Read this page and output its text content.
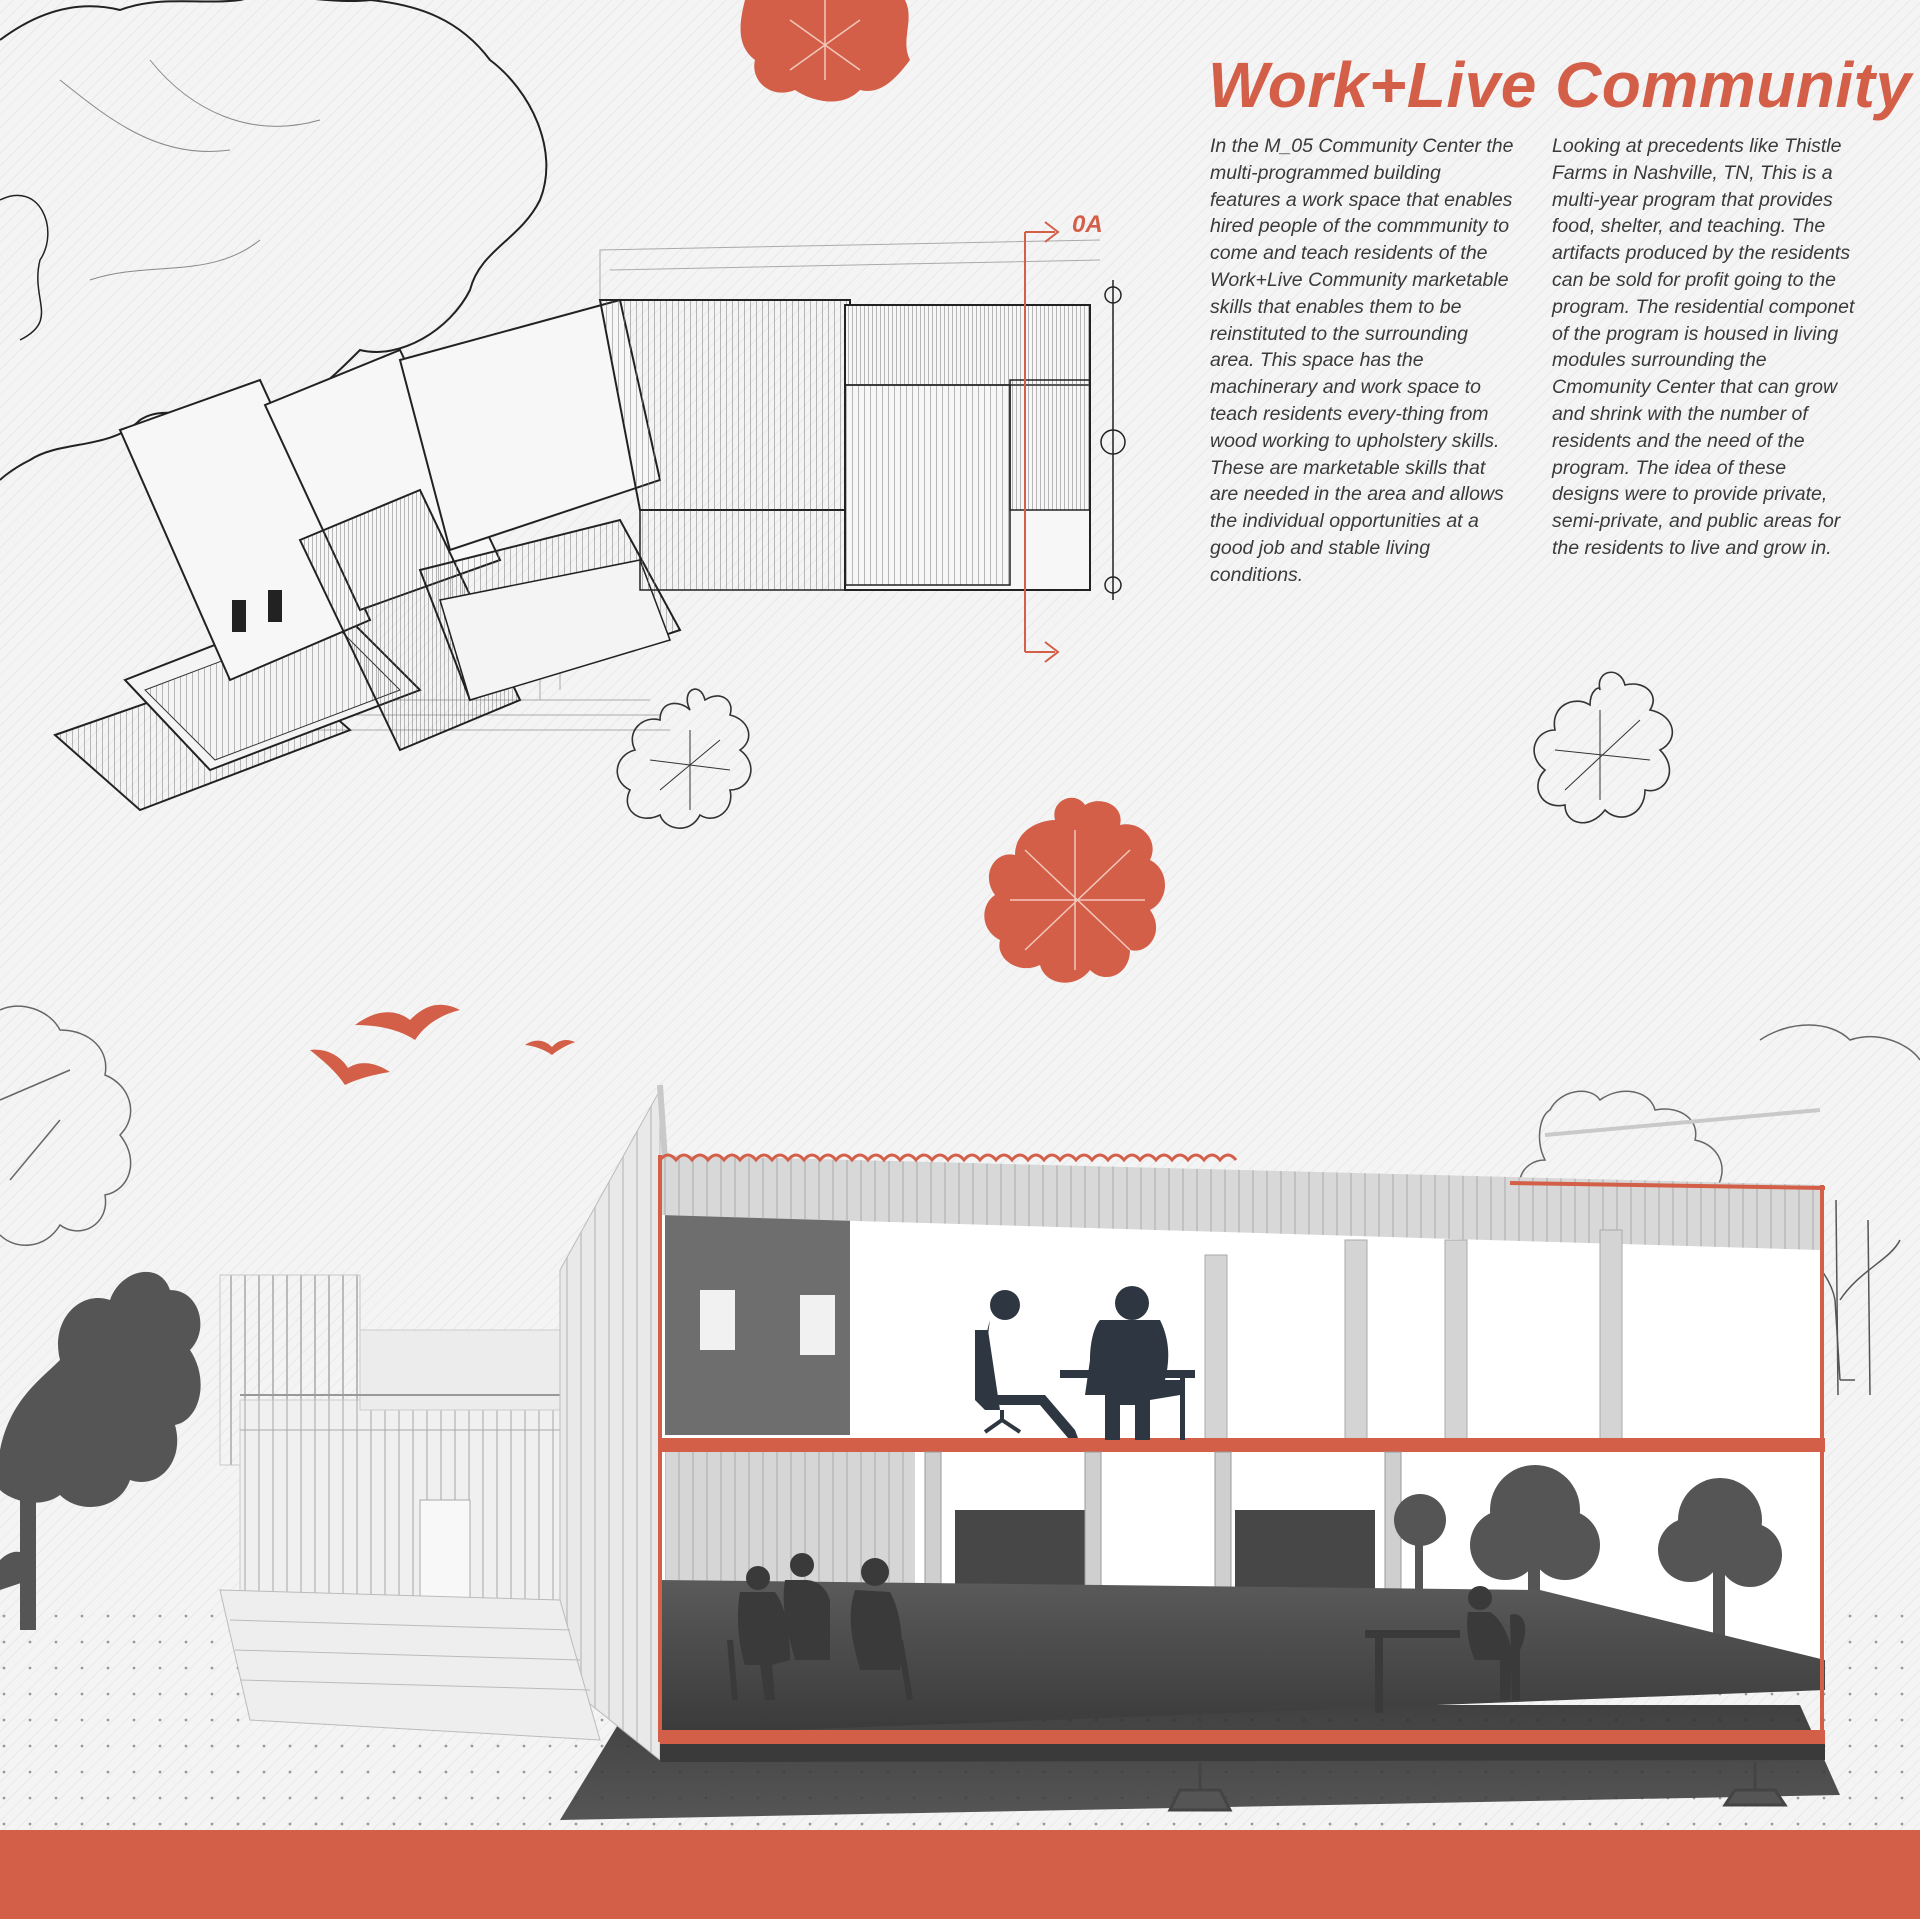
0A
Work+Live Community

In the M_05 Community Center the multi-programmed building features a work space that enables hired people of the commmunity to come and teach residents of the Work+Live Community marketable skills that enables them to be reinstituted to the surrounding area. This space has the machinerary and work space to teach residents every-thing from wood working to upholstery skills. These are marketable skills that are needed in the area and allows the individual opportunities at a good job and stable living conditions.

Looking at precedents like Thistle Farms in Nashville, TN, This is a multi-year program that provides food, shelter, and teaching. The artifacts produced by the residents can be sold for profit going to the program. The residential componet of the program is housed in living modules surrounding the Cmomunity Center that can grow and shrink with the number of residents and the need of the program. The idea of these designs were to provide private, semi-private, and public areas for the residents to live and grow in.
